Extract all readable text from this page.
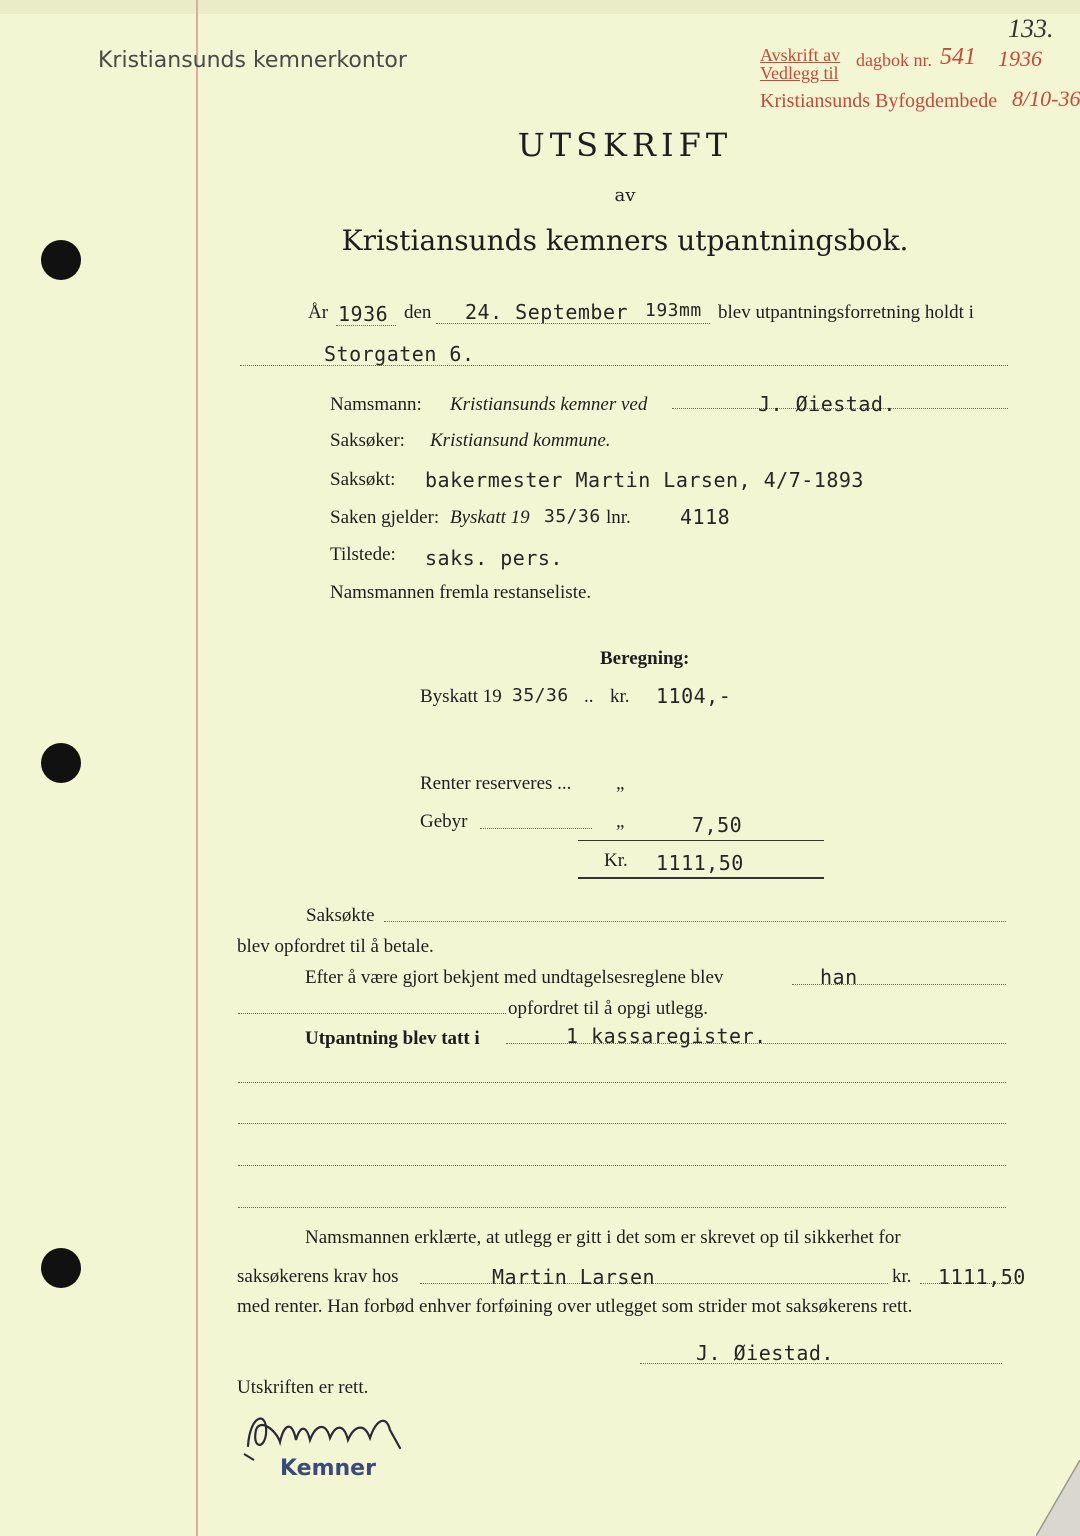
Kristiansunds kemnerkontor
133.
Avskrift av
Vedlegg til
dagbok nr. 541 1936
Kristiansunds Byfogdembede 8/10-36
UTSKRIFT
av
Kristiansunds kemners utpantningsbok.
År 1936 den 24. September 193mm blev utpantningsforretning holdt i
Storgaten 6.
Namsmann: Kristiansunds kemner ved	J. Øiestad.
Saksøker: Kristiansund kommune.
Saksøkt: bakermester Martin Larsen, 4/7-1893
Saken gjelder: Byskatt 19 35/36 lnr. 4118
Tilstede: saks. pers.
Namsmannen fremla restanseliste.
Beregning:
Byskatt 19 35/36 .. kr. 1104,-
Renter reserveres ... „
Gebyr	„	7,50
Kr. 1111,50
Saksøkte
blev opfordret til å betale.
Efter å være gjort bekjent med undtagelsesreglene blev	han
opfordret til å opgi utlegg.
Utpantning blev tatt i	1 kassaregister.
Namsmannen erklærte, at utlegg er gitt i det som er skrevet op til sikkerhet for
saksøkerens krav hos	Martin Larsen	kr. 1111,50
med renter. Han forbød enhver forføining over utlegget som strider mot saksøkerens rett.
J. Øiestad.
Utskriften er rett.
Kemner
